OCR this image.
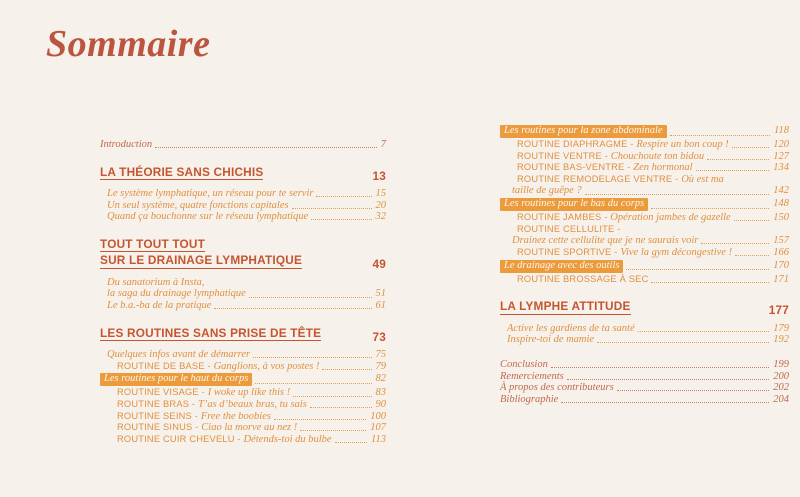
Sommaire
Introduction	7
LA THÉORIE SANS CHICHIS	13
Le système lymphatique, un réseau pour te servir	15
Un seul système, quatre fonctions capitales	20
Quand ça bouchonne sur le réseau lymphatique	32
TOUT TOUT TOUT
SUR LE DRAINAGE LYMPHATIQUE	49
Du sanatorium à Insta,
la saga du drainage lymphatique	51
Le b.a.-ba de la pratique	61
LES ROUTINES SANS PRISE DE TÊTE	73
Quelques infos avant de démarrer	75
ROUTINE DE BASE - Ganglions, à vos postes !	79
Les routines pour le haut du corps	82
ROUTINE VISAGE - I woke up like this !	83
ROUTINE BRAS - T’as d’beaux bras, tu sais	90
ROUTINE SEINS - Free the boobies	100
ROUTINE SINUS - Ciao la morve au nez !	107
ROUTINE CUIR CHEVELU - Détends-toi du bulbe	113
Les routines pour la zone abdominale	118
ROUTINE DIAPHRAGME - Respire un bon coup !	120
ROUTINE VENTRE - Chouchoute ton bidou	127
ROUTINE BAS-VENTRE - Zen hormonal	134
ROUTINE REMODELAGE VENTRE - Où est ma
taille de guêpe ?	142
Les routines pour le bas du corps	148
ROUTINE JAMBES - Opération jambes de gazelle	150
ROUTINE CELLULITE -
Drainez cette cellulite que je ne saurais voir	157
ROUTINE SPORTIVE - Vive la gym décongestive !	166
Le drainage avec des outils	170
ROUTINE BROSSAGE À SEC	171
LA LYMPHE ATTITUDE	177
Active les gardiens de ta santé	179
Inspire-toi de mamie	192
Conclusion	199
Remerciements	200
À propos des contributeurs	202
Bibliographie	204
